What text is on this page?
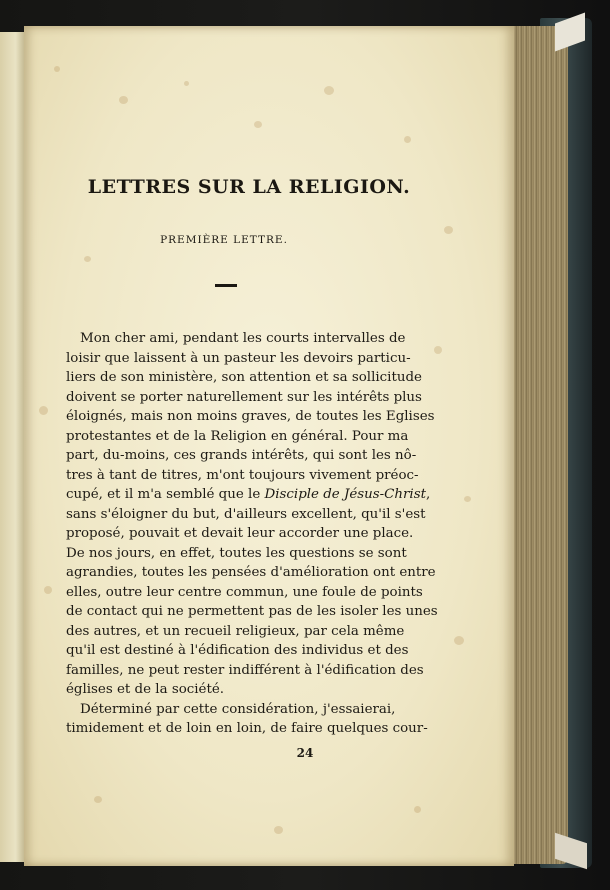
LETTRES SUR LA RELIGION.

PREMIÈRE LETTRE.

Mon cher ami, pendant les courts intervalles de
loisir que laissent à un pasteur les devoirs particu-
liers de son ministère, son attention et sa sollicitude
doivent se porter naturellement sur les intérêts plus
éloignés, mais non moins graves, de toutes les Eglises
protestantes et de la Religion en général. Pour ma
part, du-moins, ces grands intérêts, qui sont les nô-
tres à tant de titres, m'ont toujours vivement préoc-
cupé, et il m'a semblé que le Disciple de Jésus-Christ,
sans s'éloigner du but, d'ailleurs excellent, qu'il s'est
proposé, pouvait et devait leur accorder une place.
De nos jours, en effet, toutes les questions se sont
agrandies, toutes les pensées d'amélioration ont entre
elles, outre leur centre commun, une foule de points
de contact qui ne permettent pas de les isoler les unes
des autres, et un recueil religieux, par cela même
qu'il est destiné à l'édification des individus et des
familles, ne peut rester indifférent à l'édification des
églises et de la société.
Déterminé par cette considération, j'essaierai,
timidement et de loin en loin, de faire quelques cour-
24
